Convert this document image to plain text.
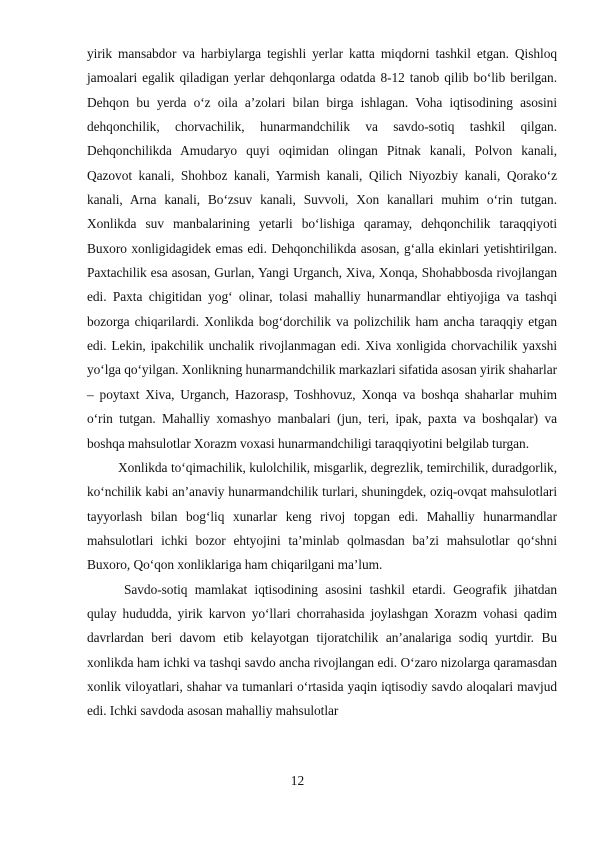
yirik mansabdor va harbiylarga tegishli yerlar katta miqdorni tashkil etgan. Qishloq jamoalari egalik qiladigan yerlar dehqonlarga odatda 8-12 tanob qilib bo‘lib berilgan. Dehqon bu yerda o‘z oila a’zolari bilan birga ishlagan. Voha iqtisodining asosini dehqonchilik, chorvachilik, hunarmandchilik va savdo-sotiq tashkil qilgan. Dehqonchilikda Amudaryo quyi oqimidan olingan Pitnak kanali, Polvon kanali, Qazovot kanali, Shohboz kanali, Yarmish kanali, Qilich Niyozbiy kanali, Qorako‘z kanali, Arna kanali, Bo‘zsuv kanali, Suvvoli, Xon kanallari muhim o‘rin tutgan. Xonlikda suv manbalarining yetarli bo‘lishiga qaramay, dehqonchilik taraqqiyoti Buxoro xonligidagidek emas edi. Dehqonchilikda asosan, g‘alla ekinlari yetishtirilgan. Paxtachilik esa asosan, Gurlan, Yangi Urganch, Xiva, Xonqa, Shohabbosda rivojlangan edi. Paxta chigitidan yog‘ olinar, tolasi mahalliy hunarmandlar ehtiyojiga va tashqi bozorga chiqarilardi. Xonlikda bog‘dorchilik va polizchilik ham ancha taraqqiy etgan edi. Lekin, ipakchilik unchalik rivojlanmagan edi. Xiva xonligida chorvachilik yaxshi yo‘lga qo‘yilgan. Xonlikning hunarmandchilik markazlari sifatida asosan yirik shaharlar – poytaxt Xiva, Urganch, Hazorasp, Toshhovuz, Xonqa va boshqa shaharlar muhim o‘rin tutgan. Mahalliy xomashyo manbalari (jun, teri, ipak, paxta va boshqalar) va boshqa mahsulotlar Xorazm voxasi hunarmandchiligi taraqqiyotini belgilab turgan.

Xonlikda to‘qimachilik, kulolchilik, misgarlik, degrezlik, temirchilik, duradgorlik, ko‘nchilik kabi an’anaviy hunarmandchilik turlari, shuningdek, oziq-ovqat mahsulotlari tayyorlash bilan bog‘liq xunarlar keng rivoj topgan edi. Mahalliy hunarmandlar mahsulotlari ichki bozor ehtyojini ta’minlab qolmasdan ba’zi mahsulotlar qo‘shni Buxoro, Qo‘qon xonliklariga ham chiqarilgani ma’lum.

Savdo-sotiq mamlakat iqtisodining asosini tashkil etardi. Geografik jihatdan qulay hududda, yirik karvon yo‘llari chorrahasida joylashgan Xorazm vohasi qadim davrlardan beri davom etib kelayotgan tijoratchilik an’analariga sodiq yurtdir. Bu xonlikda ham ichki va tashqi savdo ancha rivojlangan edi. O‘zaro nizolarga qaramasdan xonlik viloyatlari, shahar va tumanlari o‘rtasida yaqin iqtisodiy savdo aloqalari mavjud edi. Ichki savdoda asosan mahalliy mahsulotlar

12
